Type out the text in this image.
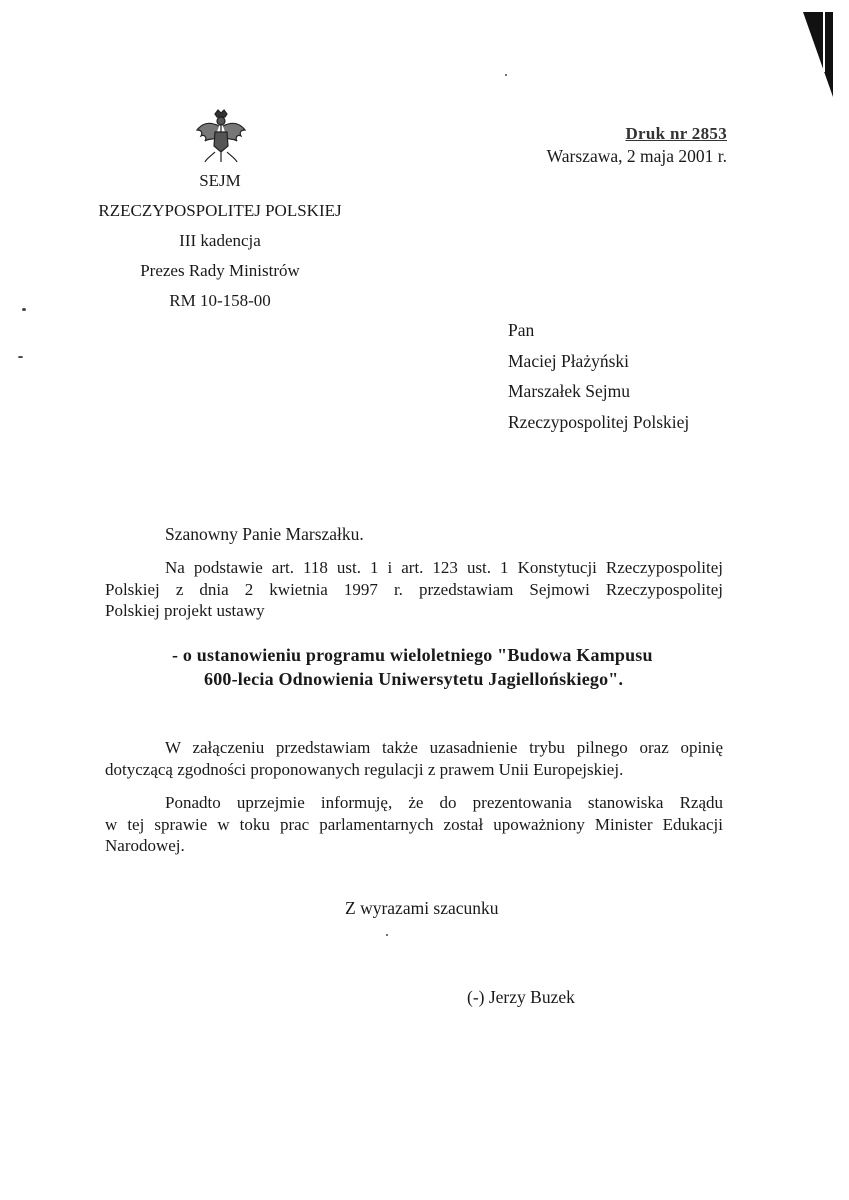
SEJM
RZECZYPOSPOLITEJ POLSKIEJ
III kadencja
Prezes Rady Ministrów
RM 10-158-00
Druk nr 2853
Warszawa, 2 maja 2001 r.
Pan
Maciej Płażyński
Marszałek Sejmu
Rzeczypospolitej Polskiej
Szanowny Panie Marszałku.
Na podstawie art. 118 ust. 1 i art. 123 ust. 1 Konstytucji Rzeczypospolitej
Polskiej z dnia 2 kwietnia 1997 r. przedstawiam Sejmowi Rzeczypospolitej
Polskiej projekt ustawy
- o ustanowieniu programu wieloletniego "Budowa Kampusu
600-lecia Odnowienia Uniwersytetu Jagiellońskiego".
W załączeniu przedstawiam także uzasadnienie trybu pilnego oraz opinię
dotyczącą zgodności proponowanych regulacji z prawem Unii Europejskiej.
Ponadto uprzejmie informuję, że do prezentowania stanowiska Rządu
w tej sprawie w toku prac parlamentarnych został upoważniony Minister Edukacji
Narodowej.
Z wyrazami szacunku
(-) Jerzy Buzek
